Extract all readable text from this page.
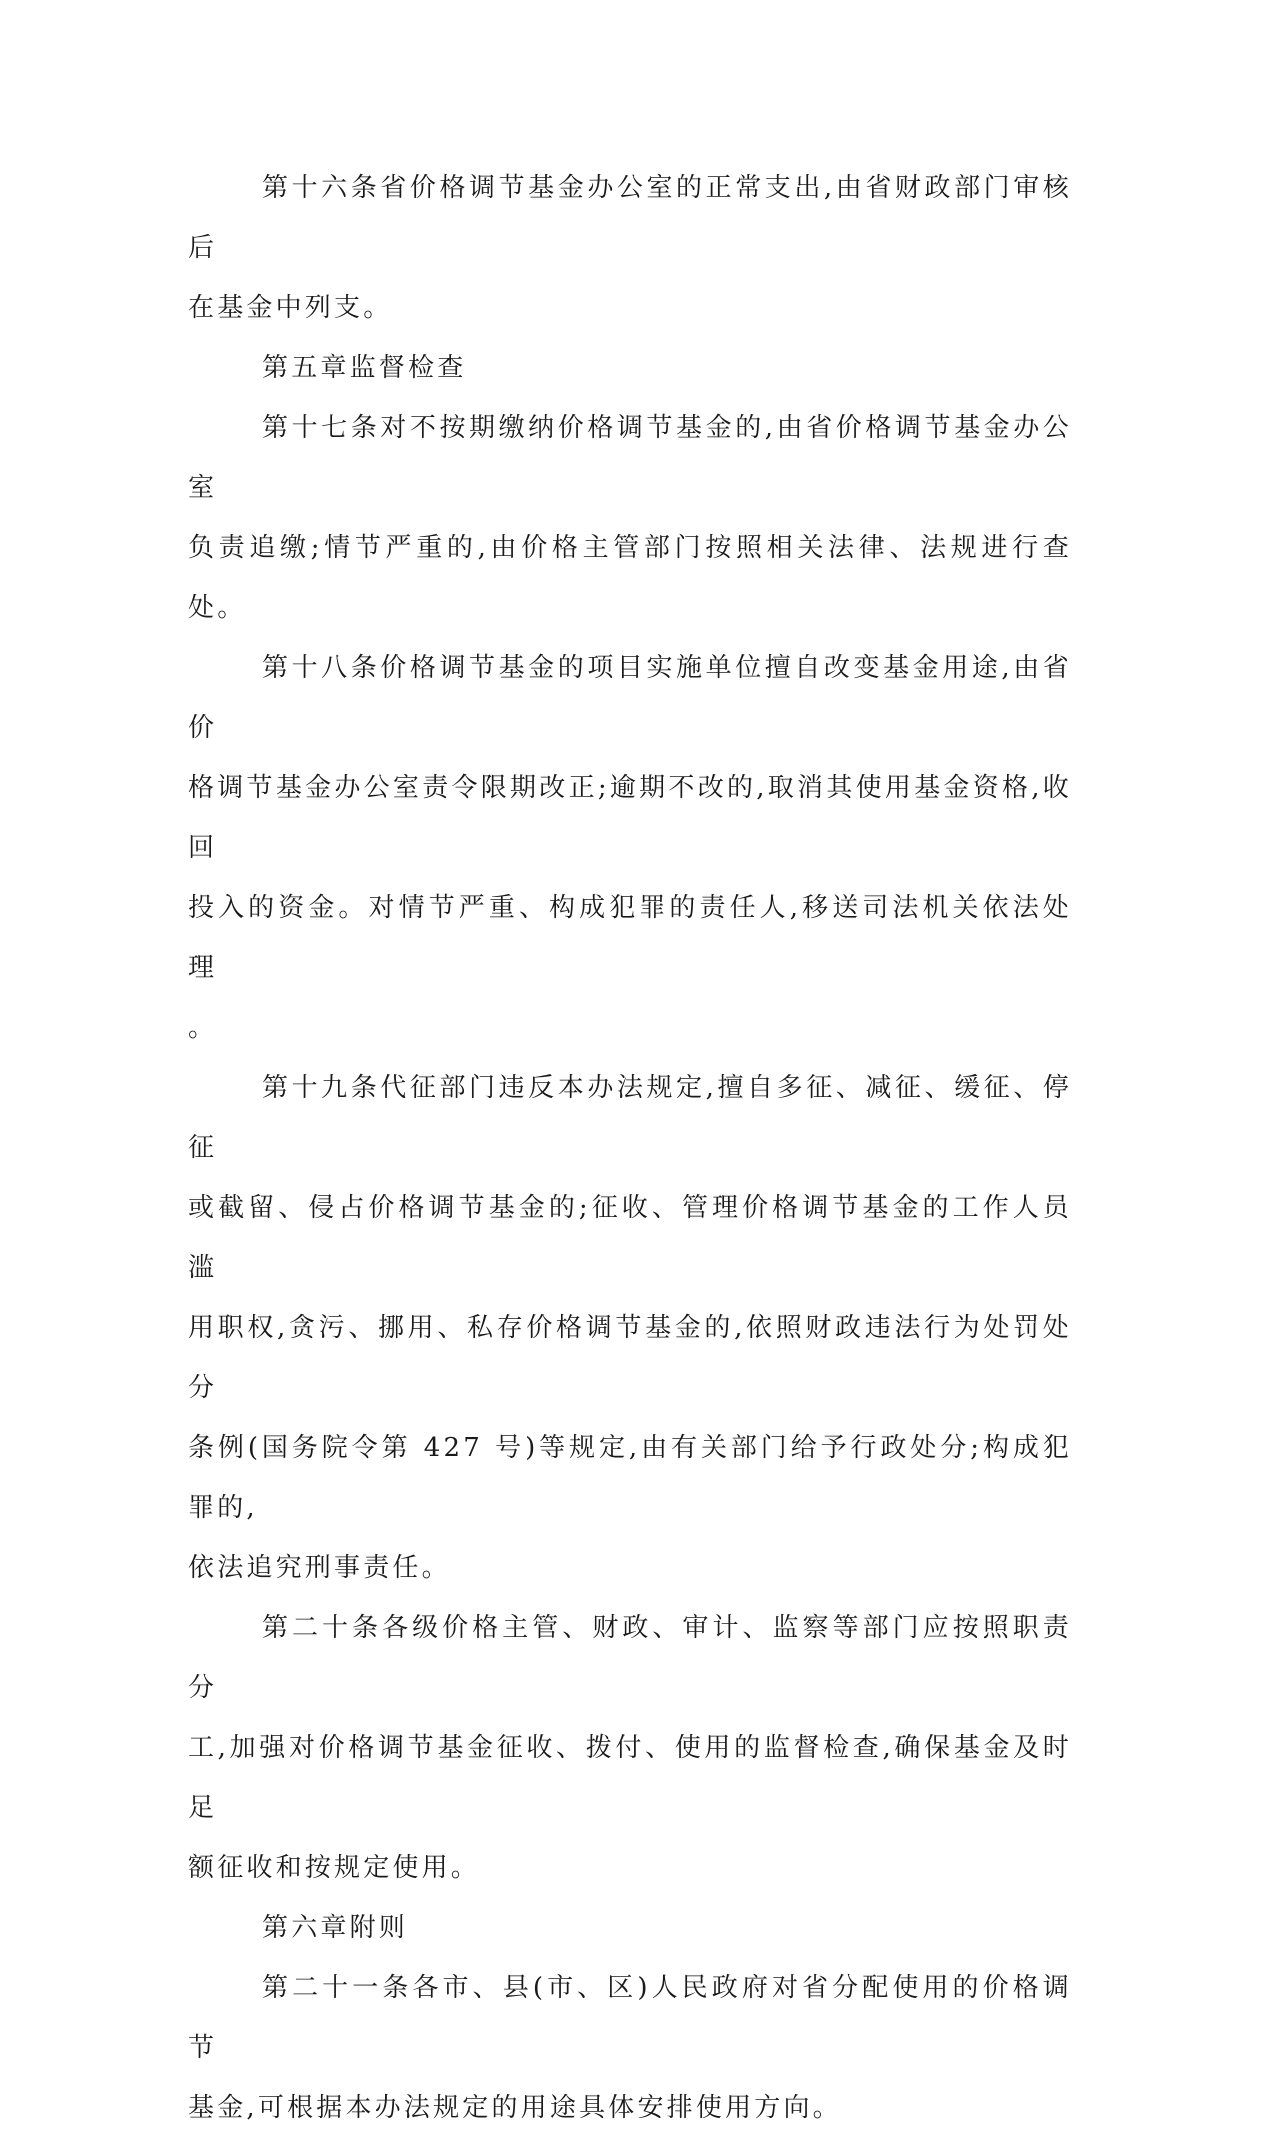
第十六条省价格调节基金办公室的正常支出,由省财政部门审核后
在基金中列支。

第五章监督检查

第十七条对不按期缴纳价格调节基金的,由省价格调节基金办公室
负责追缴;情节严重的,由价格主管部门按照相关法律、法规进行查处。

第十八条价格调节基金的项目实施单位擅自改变基金用途,由省价
格调节基金办公室责令限期改正;逾期不改的,取消其使用基金资格,收回
投入的资金。对情节严重、构成犯罪的责任人,移送司法机关依法处理
。

第十九条代征部门违反本办法规定,擅自多征、减征、缓征、停征
或截留、侵占价格调节基金的;征收、管理价格调节基金的工作人员滥
用职权,贪污、挪用、私存价格调节基金的,依照财政违法行为处罚处分
条例(国务院令第 427 号)等规定,由有关部门给予行政处分;构成犯罪的,
依法追究刑事责任。

第二十条各级价格主管、财政、审计、监察等部门应按照职责分
工,加强对价格调节基金征收、拨付、使用的监督检查,确保基金及时足
额征收和按规定使用。

第六章附则

第二十一条各市、县(市、区)人民政府对省分配使用的价格调节
基金,可根据本办法规定的用途具体安排使用方向。
